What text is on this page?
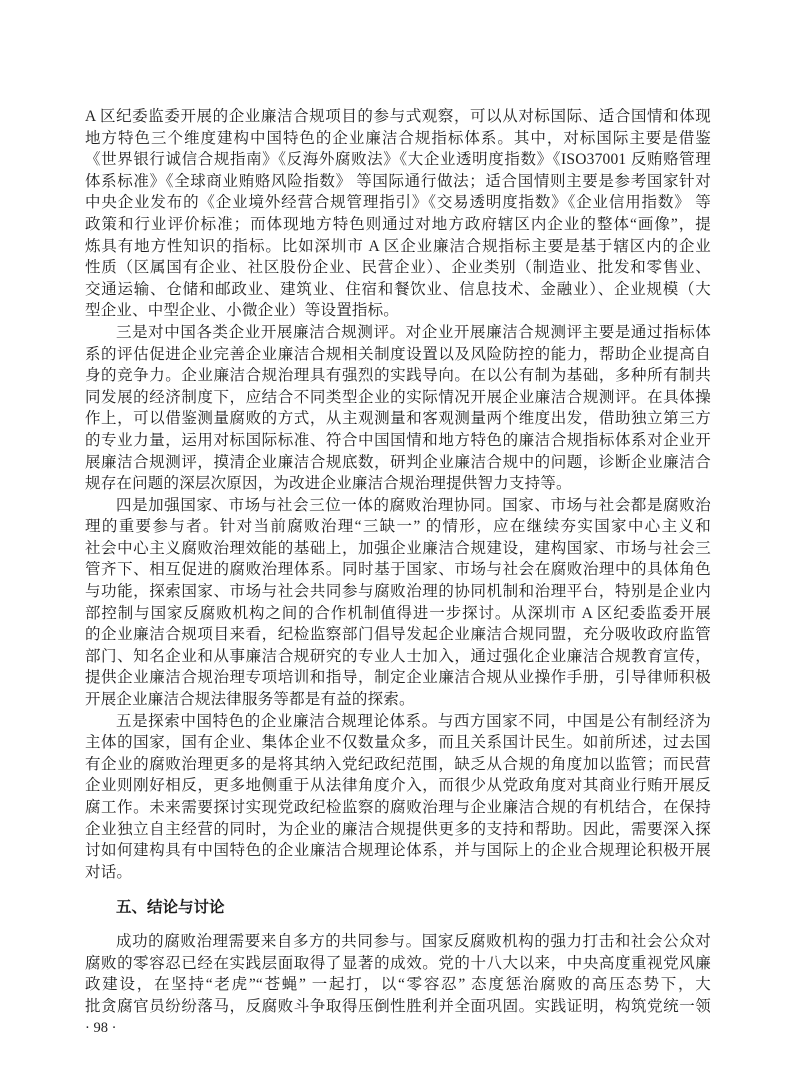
A 区纪委监委开展的企业廉洁合规项目的参与式观察，可以从对标国际、适合国情和体现
地方特色三个维度建构中国特色的企业廉洁合规指标体系。其中，对标国际主要是借鉴
《世界银行诚信合规指南》《反海外腐败法》《大企业透明度指数》《ISO37001 反贿赂管理
体系标准》《全球商业贿赂风险指数》 等国际通行做法；适合国情则主要是参考国家针对
中央企业发布的《企业境外经营合规管理指引》《交易透明度指数》《企业信用指数》 等
政策和行业评价标准；而体现地方特色则通过对地方政府辖区内企业的整体“画像”，提
炼具有地方性知识的指标。比如深圳市 A 区企业廉洁合规指标主要是基于辖区内的企业
性质（区属国有企业、社区股份企业、民营企业）、企业类别（制造业、批发和零售业、
交通运输、仓储和邮政业、建筑业、住宿和餐饮业、信息技术、金融业）、企业规模（大
型企业、中型企业、小微企业）等设置指标。
三是对中国各类企业开展廉洁合规测评。对企业开展廉洁合规测评主要是通过指标体
系的评估促进企业完善企业廉洁合规相关制度设置以及风险防控的能力，帮助企业提高自
身的竞争力。企业廉洁合规治理具有强烈的实践导向。在以公有制为基础，多种所有制共
同发展的经济制度下，应结合不同类型企业的实际情况开展企业廉洁合规测评。在具体操
作上，可以借鉴测量腐败的方式，从主观测量和客观测量两个维度出发，借助独立第三方
的专业力量，运用对标国际标准、符合中国国情和地方特色的廉洁合规指标体系对企业开
展廉洁合规测评，摸清企业廉洁合规底数，研判企业廉洁合规中的问题，诊断企业廉洁合
规存在问题的深层次原因，为改进企业廉洁合规治理提供智力支持等。
四是加强国家、市场与社会三位一体的腐败治理协同。国家、市场与社会都是腐败治
理的重要参与者。针对当前腐败治理“三缺一” 的情形，应在继续夯实国家中心主义和
社会中心主义腐败治理效能的基础上，加强企业廉洁合规建设，建构国家、市场与社会三
管齐下、相互促进的腐败治理体系。同时基于国家、市场与社会在腐败治理中的具体角色
与功能，探索国家、市场与社会共同参与腐败治理的协同机制和治理平台，特别是企业内
部控制与国家反腐败机构之间的合作机制值得进一步探讨。从深圳市 A 区纪委监委开展
的企业廉洁合规项目来看，纪检监察部门倡导发起企业廉洁合规同盟，充分吸收政府监管
部门、知名企业和从事廉洁合规研究的专业人士加入，通过强化企业廉洁合规教育宣传，
提供企业廉洁合规治理专项培训和指导，制定企业廉洁合规从业操作手册，引导律师积极
开展企业廉洁合规法律服务等都是有益的探索。
五是探索中国特色的企业廉洁合规理论体系。与西方国家不同，中国是公有制经济为
主体的国家，国有企业、集体企业不仅数量众多，而且关系国计民生。如前所述，过去国
有企业的腐败治理更多的是将其纳入党纪政纪范围，缺乏从合规的角度加以监管；而民营
企业则刚好相反，更多地侧重于从法律角度介入，而很少从党政角度对其商业行贿开展反
腐工作。未来需要探讨实现党政纪检监察的腐败治理与企业廉洁合规的有机结合，在保持
企业独立自主经营的同时，为企业的廉洁合规提供更多的支持和帮助。因此，需要深入探
讨如何建构具有中国特色的企业廉洁合规理论体系，并与国际上的企业合规理论积极开展
对话。
五、结论与讨论
成功的腐败治理需要来自多方的共同参与。国家反腐败机构的强力打击和社会公众对
腐败的零容忍已经在实践层面取得了显著的成效。党的十八大以来，中央高度重视党风廉
政建设，在坚持“老虎”“苍蝇” 一起打，以“零容忍” 态度惩治腐败的高压态势下，大
批贪腐官员纷纷落马，反腐败斗争取得压倒性胜利并全面巩固。实践证明，构筑党统一领
· 98 ·
